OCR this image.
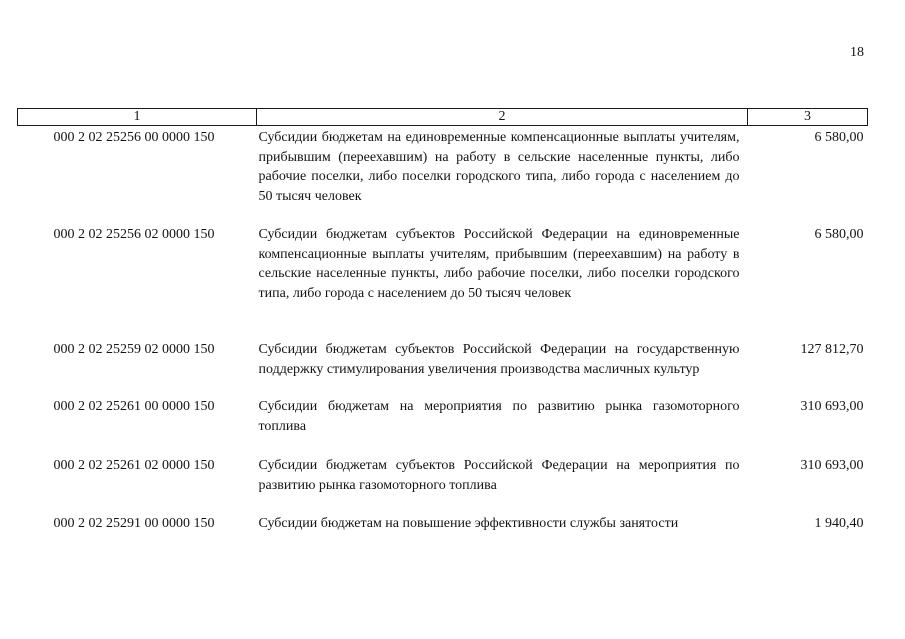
18
1	2	3
000 2 02 25256 00 0000 150	Субсидии бюджетам на единовременные компенсационные выплаты учителям, прибывшим (переехавшим) на работу в сельские населенные пункты, либо рабочие поселки, либо поселки городского типа, либо города с населением до 50 тысяч человек	6 580,00
000 2 02 25256 02 0000 150	Субсидии бюджетам субъектов Российской Федерации на единовременные компенсационные выплаты учителям, прибывшим (переехавшим) на работу в сельские населенные пункты, либо рабочие поселки, либо поселки городского типа, либо города с населением до 50 тысяч человек	6 580,00
000 2 02 25259 02 0000 150	Субсидии бюджетам субъектов Российской Федерации на государственную поддержку стимулирования увеличения производства масличных культур	127 812,70
000 2 02 25261 00 0000 150	Субсидии бюджетам на мероприятия по развитию рынка газомоторного топлива	310 693,00
000 2 02 25261 02 0000 150	Субсидии бюджетам субъектов Российской Федерации на мероприятия по развитию рынка газомоторного топлива	310 693,00
000 2 02 25291 00 0000 150	Субсидии бюджетам на повышение эффективности службы занятости	1 940,40
